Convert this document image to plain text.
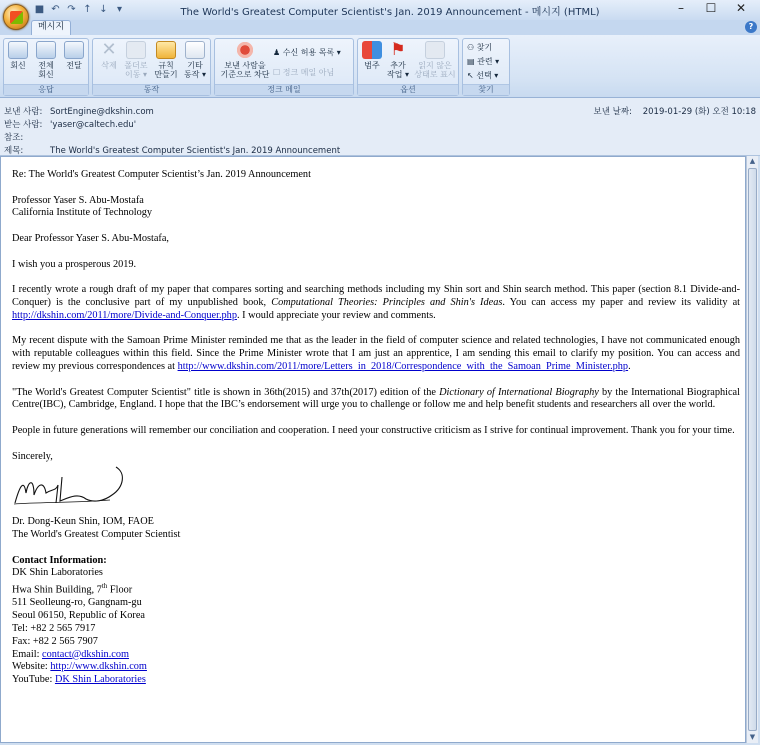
■ ↶ ↷ ↑ ↓ ▾	The World's Greatest Computer Scientist's Jan. 2019 Announcement - 메시지 (HTML)	–	☐	✕
메시지	?
회신	전체
회신
전달
응답
✕
삭제 폴더로
이동 ▾
규칙
만들기
기타
동작 ▾
동작
보낸 사람을
기준으로 차단
♟ 수신 허용 목록 ▾
☐ 정크 메일 아님
정크 메일
범주
⚑
추가
작업 ▾
읽지 않은
상태로 표시
옵션
⚇ 찾기
▤ 관련 ▾
↖ 선택 ▾
찾기
보낸 사람: SortEngine@dkshin.com
받는 사람: 'yaser@caltech.edu'
참조:
제목:	The World's Greatest Computer Scientist's Jan. 2019 Announcement
보낸 날짜: 2019-01-29 (화) 오전 10:18

Re: The World's Greatest Computer Scientist’s Jan. 2019 Announcement

Professor Yaser S. Abu-Mostafa
California Institute of Technology

Dear Professor Yaser S. Abu-Mostafa,

I wish you a prosperous 2019.

I recently wrote a rough draft of my paper that compares sorting and searching methods including my Shin sort and Shin search method. This paper (section 8.1 Divide-and-Conquer) is the conclusive part of my unpublished book, Computational Theories: Principles and Shin's Ideas. You can access my paper and review its validity at http://dkshin.com/2011/more/Divide-and-Conquer.php. I would appreciate your review and comments.

My recent dispute with the Samoan Prime Minister reminded me that as the leader in the field of computer science and related technologies, I have not communicated enough with reputable colleagues within this field. Since the Prime Minister wrote that I am just an apprentice, I am sending this email to clarify my position. You can access and review my previous correspondences at http://www.dkshin.com/2011/more/Letters_in_2018/Correspondence_with_the_Samoan_Prime_Minister.php.

"The World's Greatest Computer Scientist" title is shown in 36th(2015) and 37th(2017) edition of the Dictionary of International Biography by the International Biographical Centre(IBC), Cambridge, England. I hope that the IBC’s endorsement will urge you to challenge or follow me and help benefit students and researchers all over the world.

People in future generations will remember our conciliation and cooperation. I need your constructive criticism as I strive for continual improvement. Thank you for your time.

Sincerely,

Dr. Dong-Keun Shin, IOM, FAOE
The World's Greatest Computer Scientist

Contact Information:
DK Shin Laboratories
Hwa Shin Building, 7th Floor
511 Seolleung-ro, Gangnam-gu
Seoul 06150, Republic of Korea
Tel: +82 2 565 7917
Fax: +82 2 565 7907
Email: contact@dkshin.com
Website: http://www.dkshin.com
YouTube: DK Shin Laboratories
▲
▼
